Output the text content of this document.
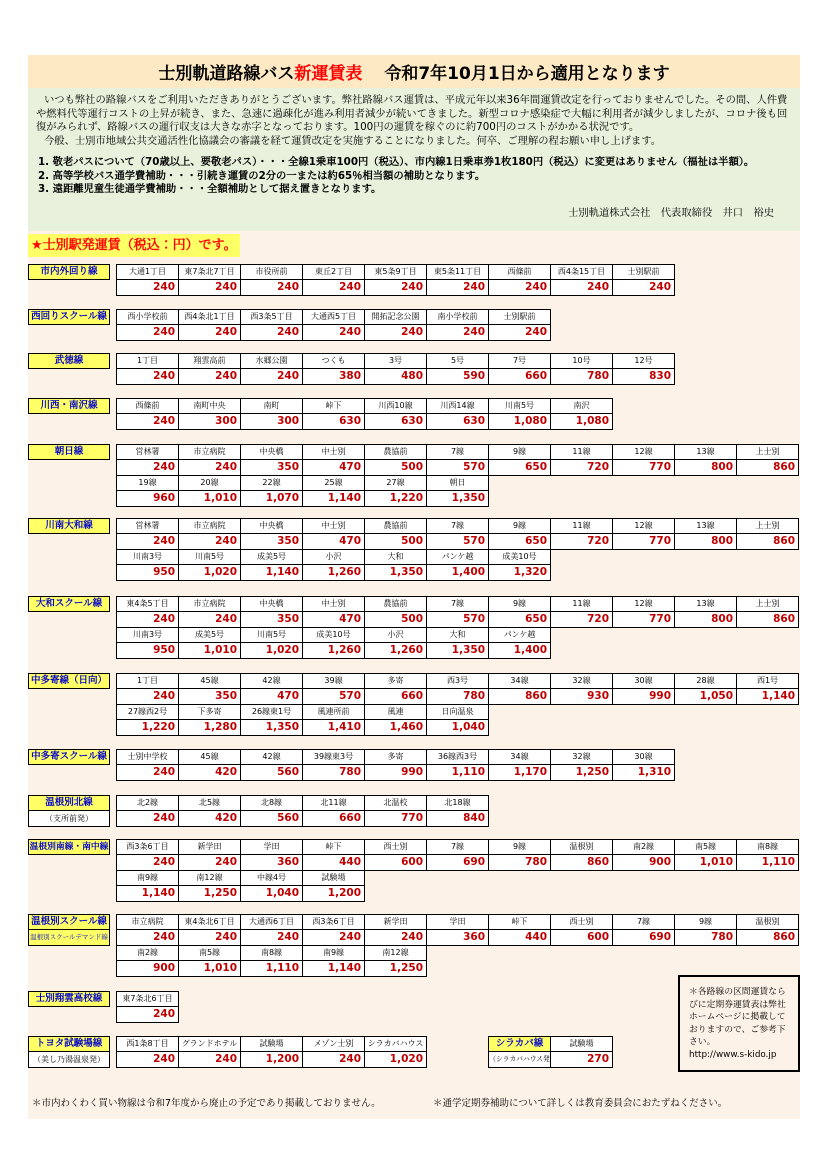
士別軌道路線バス 新運賃表 令和7年10月1日から適用となります

いつも弊社の路線バスをご利用いただきありがとうございます。弊社路線バス運賃は、平成元年以来36年間運賃改定を行っておりませんでした。その間、人件費や燃料代等運行コストの上昇が続き、また、急速に過疎化が進み利用者減少が続いてきました。新型コロナ感染症で大幅に利用者が減少しましたが、コロナ後も回復がみられず、路線バスの運行収支は大きな赤字となっております。100円の運賃を稼ぐのに約700円のコストがかかる状況です。

今般、士別市地域公共交通活性化協議会の審議を経て運賃改定を実施することになりました。何卒、ご理解の程お願い申し上げます。

1. 敬老パスについて（70歳以上、要敬老パス）・・・全線1乗車100円（税込）、市内線1日乗車券1枚180円（税込）に変更はありません（福祉は半額）。
2. 高等学校バス通学費補助・・・引続き運賃の2分の一または約65％相当額の補助となります。
3. 遠距離児童生徒通学費補助・・・全額補助として据え置きとなります。
士別軌道株式会社　代表取締役　井口　裕史
★士別駅発運賃（税込：円）です。
市内外回り線	大通1丁目	東7条北7丁目	市役所前	東丘2丁目	東5条9丁目	東5条11丁目	西條前	西4条15丁目	士別駅前
240	240	240	240	240	240	240	240	240
西回りスクール線	西小学校前	西4条北1丁目	西3条5丁目	大通西5丁目	開拓記念公園	南小学校前	士別駅前
240	240	240	240	240	240	240
武徳線	1丁目	翔雲高前	水郷公園	つくも	3号	5号	7号	10号	12号
240	240	240	380	480	590	660	780	830
川西・南沢線	西條前	南町中央	南町	峠下	川西10線	川西14線	川南5号	南沢
240	300	300	630	630	630	1,080	1,080
朝日線	営林署	市立病院	中央橋	中士別	農協前	7線	9線	11線	12線	13線	上士別
240	240	350	470	500	570	650	720	770	800	860
19線	20線	22線	25線	27線	朝日
960	1,010	1,070	1,140	1,220	1,350
川南大和線	営林署	市立病院	中央橋	中士別	農協前	7線	9線	11線	12線	13線	上士別
240	240	350	470	500	570	650	720	770	800	860
川南3号	川南5号	成美5号	小沢	大和	パンケ越	成美10号
950	1,020	1,140	1,260	1,350	1,400	1,320
大和スクール線	東4条5丁目	市立病院	中央橋	中士別	農協前	7線	9線	11線	12線	13線	上士別
240	240	350	470	500	570	650	720	770	800	860
川南3号	成美5号	川南5号	成美10号	小沢	大和	パンケ越
950	1,010	1,020	1,260	1,260	1,350	1,400
中多寄線（日向）	1丁目	45線	42線	39線	多寄	西3号	34線	32線	30線	28線	西1号
240	350	470	570	660	780	860	930	990	1,050	1,140
27線西2号	下多寄	26線東1号	風連所前	風連	日向温泉
1,220	1,280	1,350	1,410	1,460	1,040
中多寄スクール線	士別中学校	45線	42線	39線東3号	多寄	36線西3号	34線	32線	30線
240	420	560	780	990	1,110	1,170	1,250	1,310
温根別北線
（支所前発）
北2線	北5線	北8線	北11線	北温校	北18線
240	420	560	660	770	840
温根別南線・南中線	西3条6丁目	新学田	学田	峠下	西士別	7線	9線	温根別	南2線	南5線	南8線
240	240	360	440	600	690	780	860	900	1,010	1,110
南9線	南12線	中線4号	試験場
1,140	1,250	1,040	1,200
温根別スクール線
温根別スクールデマンド線
市立病院	東4条北6丁目	大通西6丁目	西3条6丁目	新学田	学田	峠下	西士別	7線	9線	温根別
240	240	240	240	240	360	440	600	690	780	860
南2線	南5線	南8線	南9線	南12線
900	1,010	1,110	1,140	1,250
士別翔雲高校線	東7条北6丁目
240
トヨタ試験場線
（美し乃湯温泉発）
西1条8丁目	グランドホテル	試験場	メゾン士別	シラカバハウス
240	240	1,200	240	1,020
シラカバ線
（シラカバハウス発
試験場
270
＊各路線の区間運賃ならびに定期券運賃表は弊社ホームページに掲載しておりますので、ご参考下さい。
http://www.s-kido.jp
＊市内わくわく買い物線は令和7年度から廃止の予定であり掲載しておりません。	＊通学定期券補助について詳しくは教育委員会におたずねください。
